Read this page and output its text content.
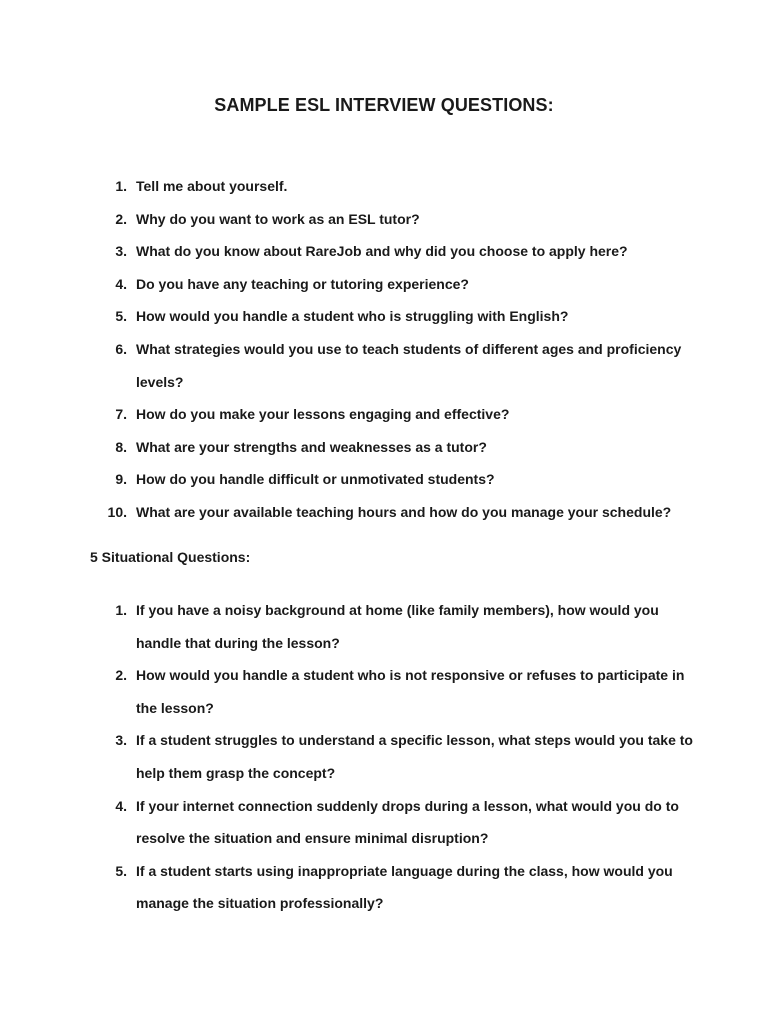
SAMPLE ESL INTERVIEW QUESTIONS:
1. Tell me about yourself.
2. Why do you want to work as an ESL tutor?
3. What do you know about RareJob and why did you choose to apply here?
4. Do you have any teaching or tutoring experience?
5. How would you handle a student who is struggling with English?
6. What strategies would you use to teach students of different ages and proficiency levels?
7. How do you make your lessons engaging and effective?
8. What are your strengths and weaknesses as a tutor?
9. How do you handle difficult or unmotivated students?
10. What are your available teaching hours and how do you manage your schedule?
5 Situational Questions:
1. If you have a noisy background at home (like family members), how would you handle that during the lesson?
2. How would you handle a student who is not responsive or refuses to participate in the lesson?
3. If a student struggles to understand a specific lesson, what steps would you take to help them grasp the concept?
4. If your internet connection suddenly drops during a lesson, what would you do to resolve the situation and ensure minimal disruption?
5. If a student starts using inappropriate language during the class, how would you manage the situation professionally?
